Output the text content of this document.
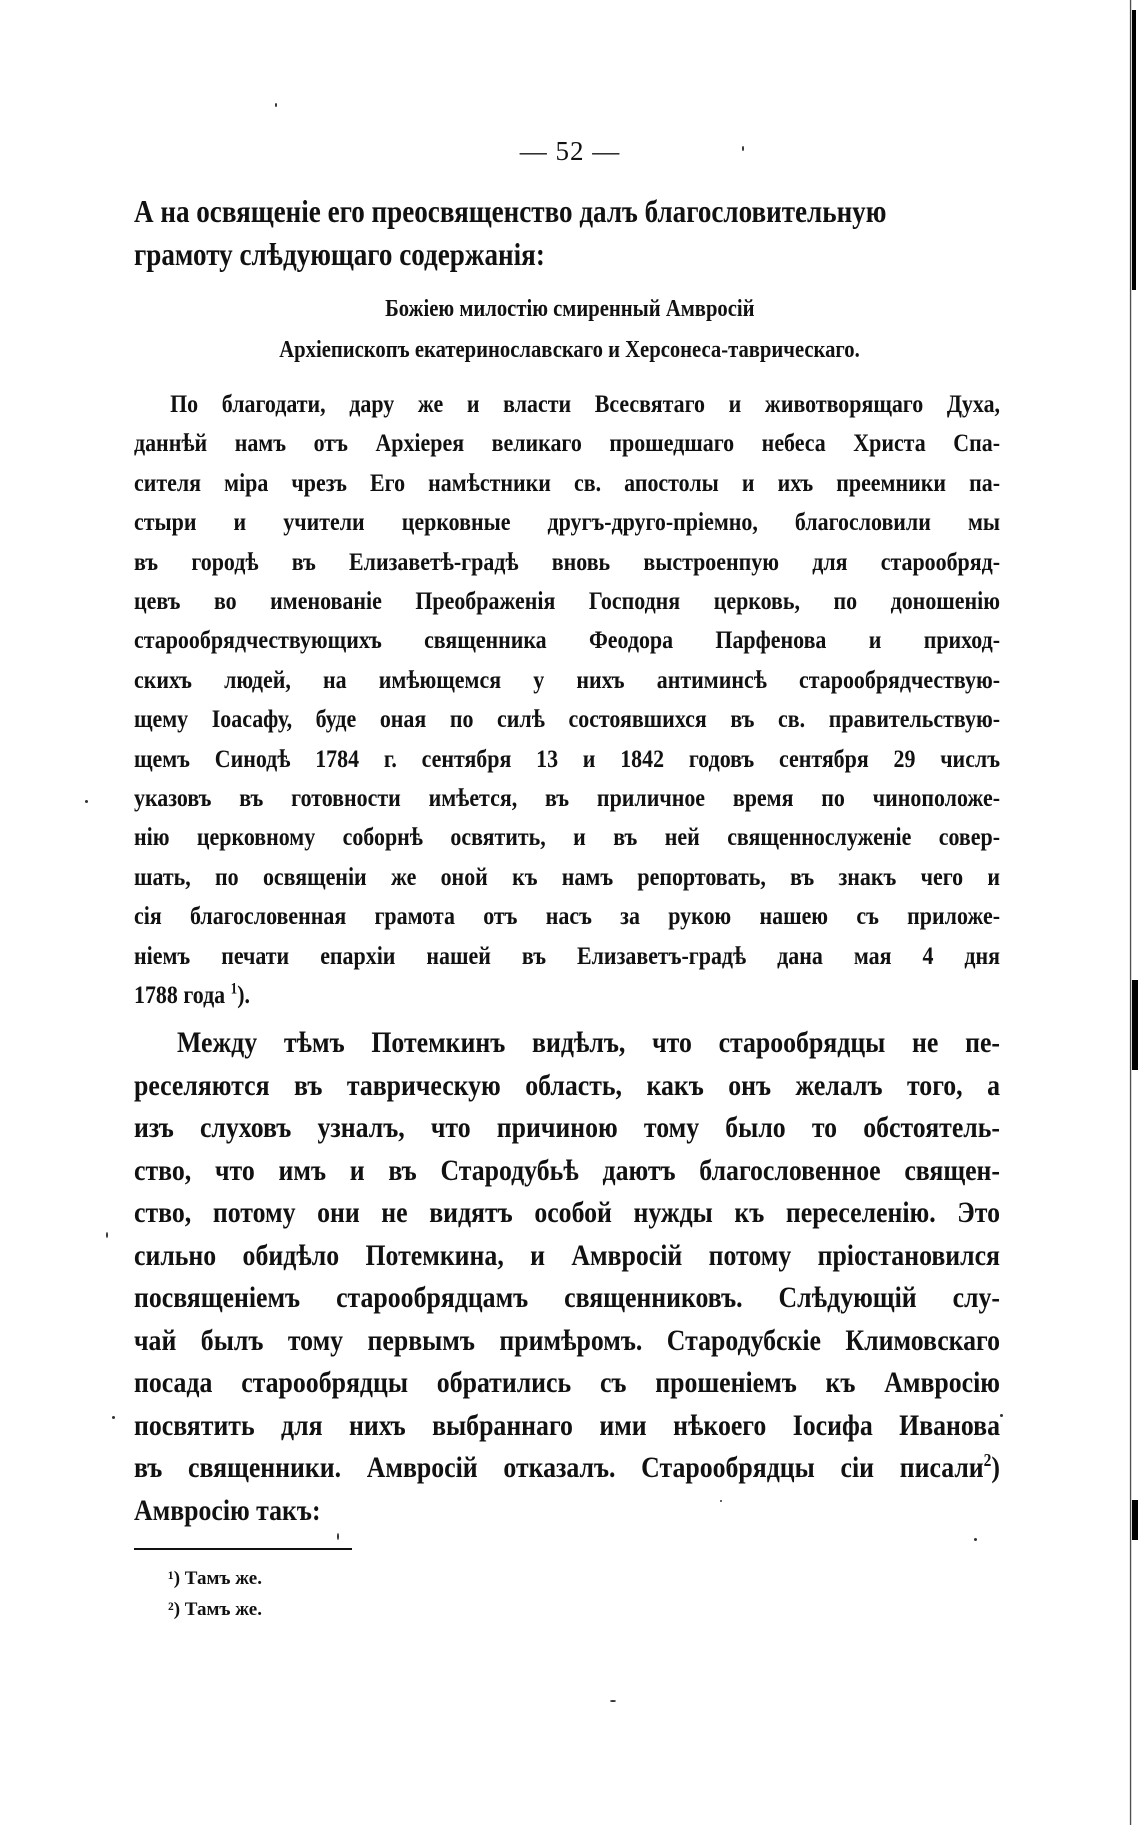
— 52 —
А на освященіе его преосвященство далъ благословительную
грамоту слѣдующаго содержанія:
Божіею милостію смиренный Амвросій
Архіепископъ екатеринославскаго и Херсонеса-таврическаго.
По благодати, дару же и власти Всесвятаго и животворящаго Духа,
даннѣй намъ отъ Архіерея великаго прошедшаго небеса Христа Спа-
сителя міра чрезъ Его намѣстники св. апостолы и ихъ преемники па-
стыри и учители церковные другъ-друго-пріемно, благословили мы
въ городѣ въ Елизаветѣ-градѣ вновь выстроенпую для старообряд-
цевъ во именованіе Преображенія Господня церковь, по доношенію
старообрядчествующихъ священника Феодора Парфенова и приход-
скихъ людей, на имѣющемся у нихъ антиминсѣ старообрядчествую-
щему Іоасафу, буде оная по силѣ состоявшихся въ св. правительствую-
щемъ Синодѣ 1784 г. сентября 13 и 1842 годовъ сентября 29 числъ
указовъ въ готовности имѣется, въ приличное время по чиноположе-
нію церковному соборнѣ освятить, и въ ней священнослуженіе совер-
шать, по освященіи же оной къ намъ репортовать, въ знакъ чего и
сія благословенная грамота отъ насъ за рукою нашею съ приложе-
ніемъ печати епархіи нашей въ Елизаветъ-градѣ дана мая 4 дня
1788 года $^1$).
Между тѣмъ Потемкинъ видѣлъ, что старообрядцы не пе-
реселяются въ таврическую область, какъ онъ желалъ того, а
изъ слуховъ узналъ, что причиною тому было то обстоятель-
ство, что имъ и въ Стародубьѣ даютъ благословенное священ-
ство, потому они не видятъ особой нужды къ переселенію. Это
сильно обидѣло Потемкина, и Амвросій потому пріостановился
посвященіемъ старообрядцамъ священниковъ. Слѣдующій слу-
чай былъ тому первымъ примѣромъ. Стародубскіе Климовскаго
посада старообрядцы обратились съ прошеніемъ къ Амвросію
посвятить для нихъ выбраннаго ими нѣкоего Іосифа Иванова
въ священники. Амвросій отказалъ. Старообрядцы сіи писали$^2$)
Амвросію такъ:
¹) Тамъ же.
²) Тамъ же.
